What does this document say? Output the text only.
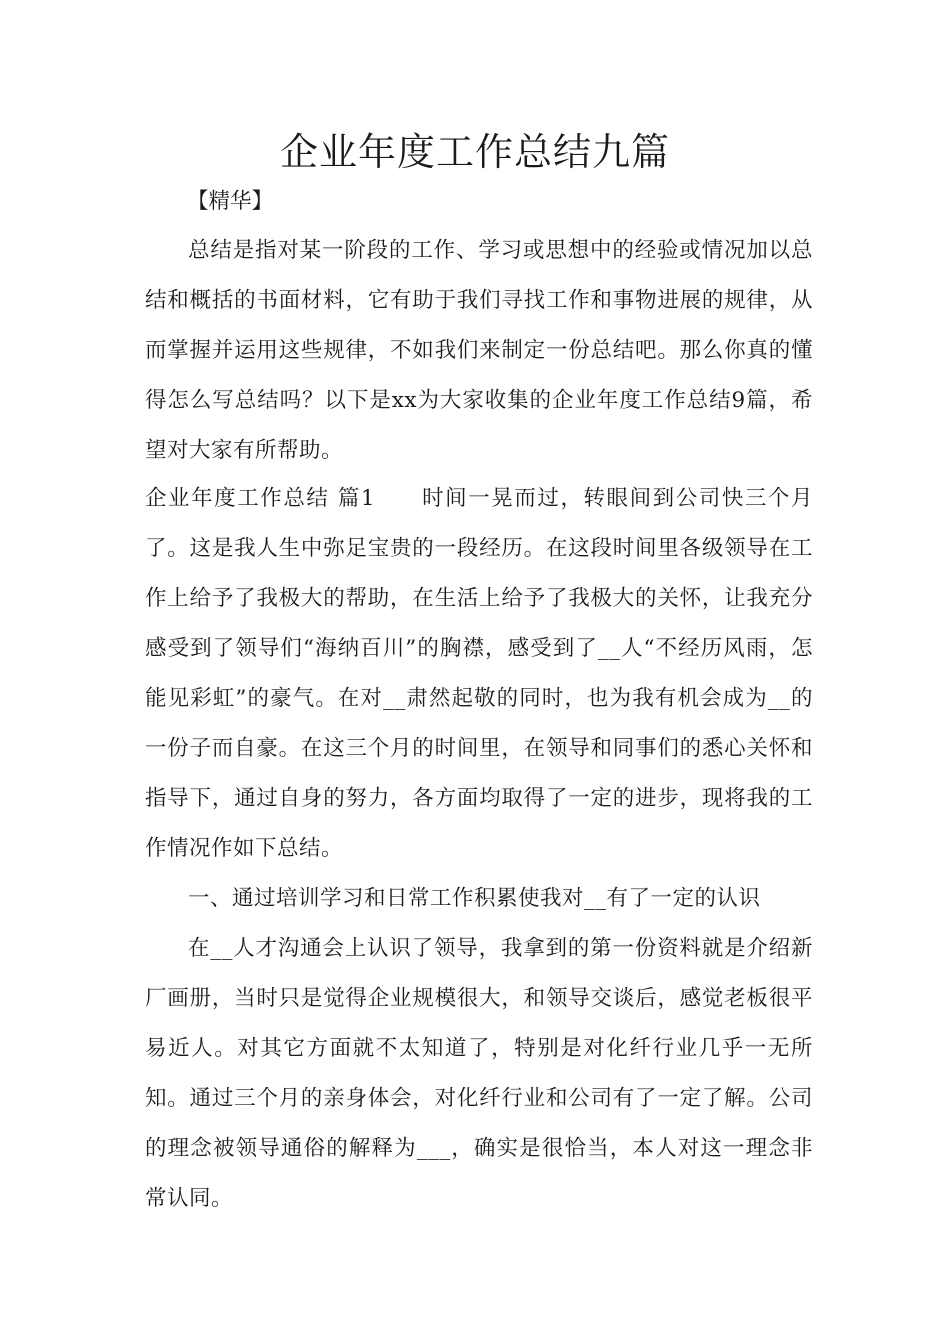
企业年度工作总结九篇
【精华】

总结是指对某一阶段的工作、学习或思想中的经验或情况加以总结和概括的书面材料，它有助于我们寻找工作和事物进展的规律，从而掌握并运用这些规律，不如我们来制定一份总结吧。那么你真的懂得怎么写总结吗？以下是xx为大家收集的企业年度工作总结9篇，希望对大家有所帮助。

企业年度工作总结 篇1 时间一晃而过，转眼间到公司快三个月了。这是我人生中弥足宝贵的一段经历。在这段时间里各级领导在工作上给予了我极大的帮助，在生活上给予了我极大的关怀，让我充分感受到了领导们“海纳百川”的胸襟，感受到了__人“不经历风雨，怎能见彩虹”的豪气。在对__肃然起敬的同时，也为我有机会成为__的一份子而自豪。在这三个月的时间里，在领导和同事们的悉心关怀和指导下，通过自身的努力，各方面均取得了一定的进步，现将我的工作情况作如下总结。

一、通过培训学习和日常工作积累使我对__有了一定的认识

在__人才沟通会上认识了领导，我拿到的第一份资料就是介绍新厂画册，当时只是觉得企业规模很大，和领导交谈后，感觉老板很平易近人。对其它方面就不太知道了，特别是对化纤行业几乎一无所知。通过三个月的亲身体会，对化纤行业和公司有了一定了解。公司的理念被领导通俗的解释为___，确实是很恰当，本人对这一理念非常认同。
